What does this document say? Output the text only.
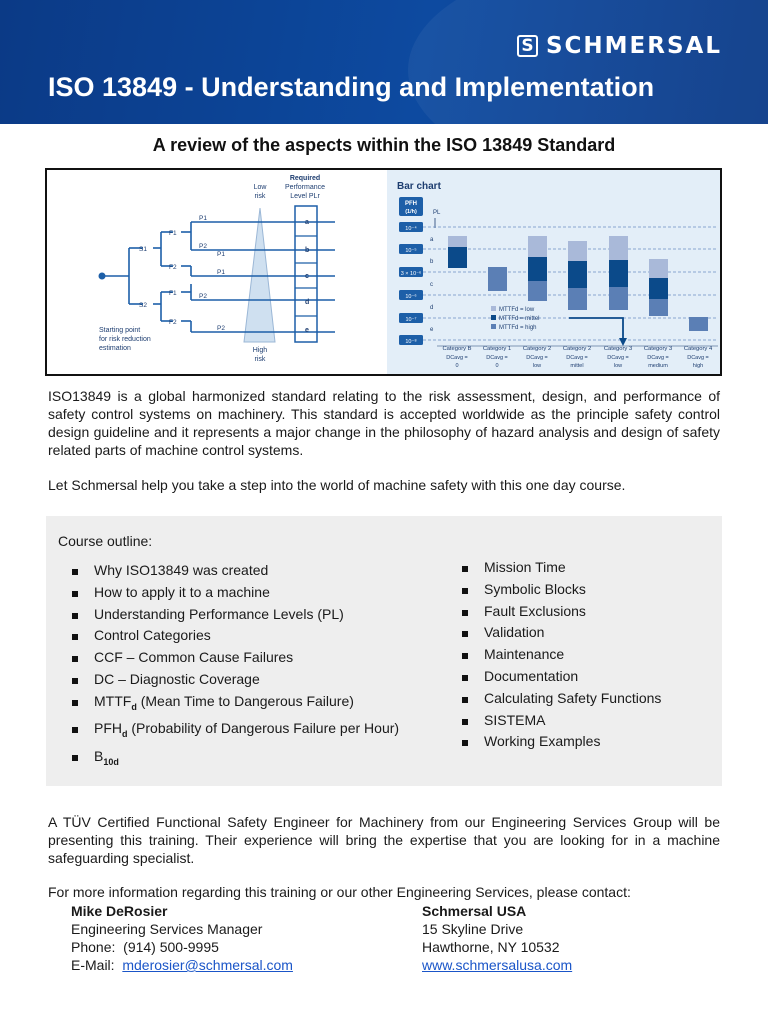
S SCHMERSAL
ISO 13849 - Understanding and Implementation
A review of the aspects within the ISO 13849 Standard
a
b
c
d
e
Required
Performance
Level PLr
Low
risk
High
risk
Starting point
for risk reduction
estimation
S1
S2
F1
F2
F1
F2
P1
P2
P1
P1
P2
P2
Bar chart
PFH
(1/h)	PL
10⁻⁴
10⁻⁵
3 × 10⁻⁶
10⁻⁶
10⁻⁷
10⁻⁸
a
b
c
d
e
MTTFd = low
MTTFd = mittel
MTTFd = high
Category B Category 1 Category 2 Category 2 Category 3 Category 3 Category 4
DCavg =	DCavg =	DCavg =	DCavg =	DCavg =	DCavg =	DCavg =
0	0	low	mittel	low	medium	high

ISO13849 is a global harmonized standard relating to the risk assessment, design, and performance of safety control systems on machinery. This standard is accepted worldwide as the principle safety control design guideline and it represents a major change in the philosophy of hazard analysis and design of safety related parts of machine control systems.

Let Schmersal help you take a step into the world of machine safety with this one day course.

Course outline:
Why ISO13849 was created
How to apply it to a machine
Understanding Performance Levels (PL)
Control Categories
CCF – Common Cause Failures
DC – Diagnostic Coverage
$MTTF_d$ (Mean Time to Dangerous Failure)
$PFH_d$ (Probability of Dangerous Failure per Hour)
$B_{10d}$
Mission Time
Symbolic Blocks
Fault Exclusions
Validation
Maintenance
Documentation
Calculating Safety Functions
SISTEMA
Working Examples

A TÜV Certified Functional Safety Engineer for Machinery from our Engineering Services Group will be presenting this training. Their experience will bring the expertise that you are looking for in a machine safeguarding specialist.

For more information regarding this training or our other Engineering Services, please contact:

Mike DeRosier
Engineering Services Manager
Phone: (914) 500-9995
E-Mail: mderosier@schmersal.com
Schmersal USA
15 Skyline Drive
Hawthorne, NY 10532
www.schmersalusa.com
